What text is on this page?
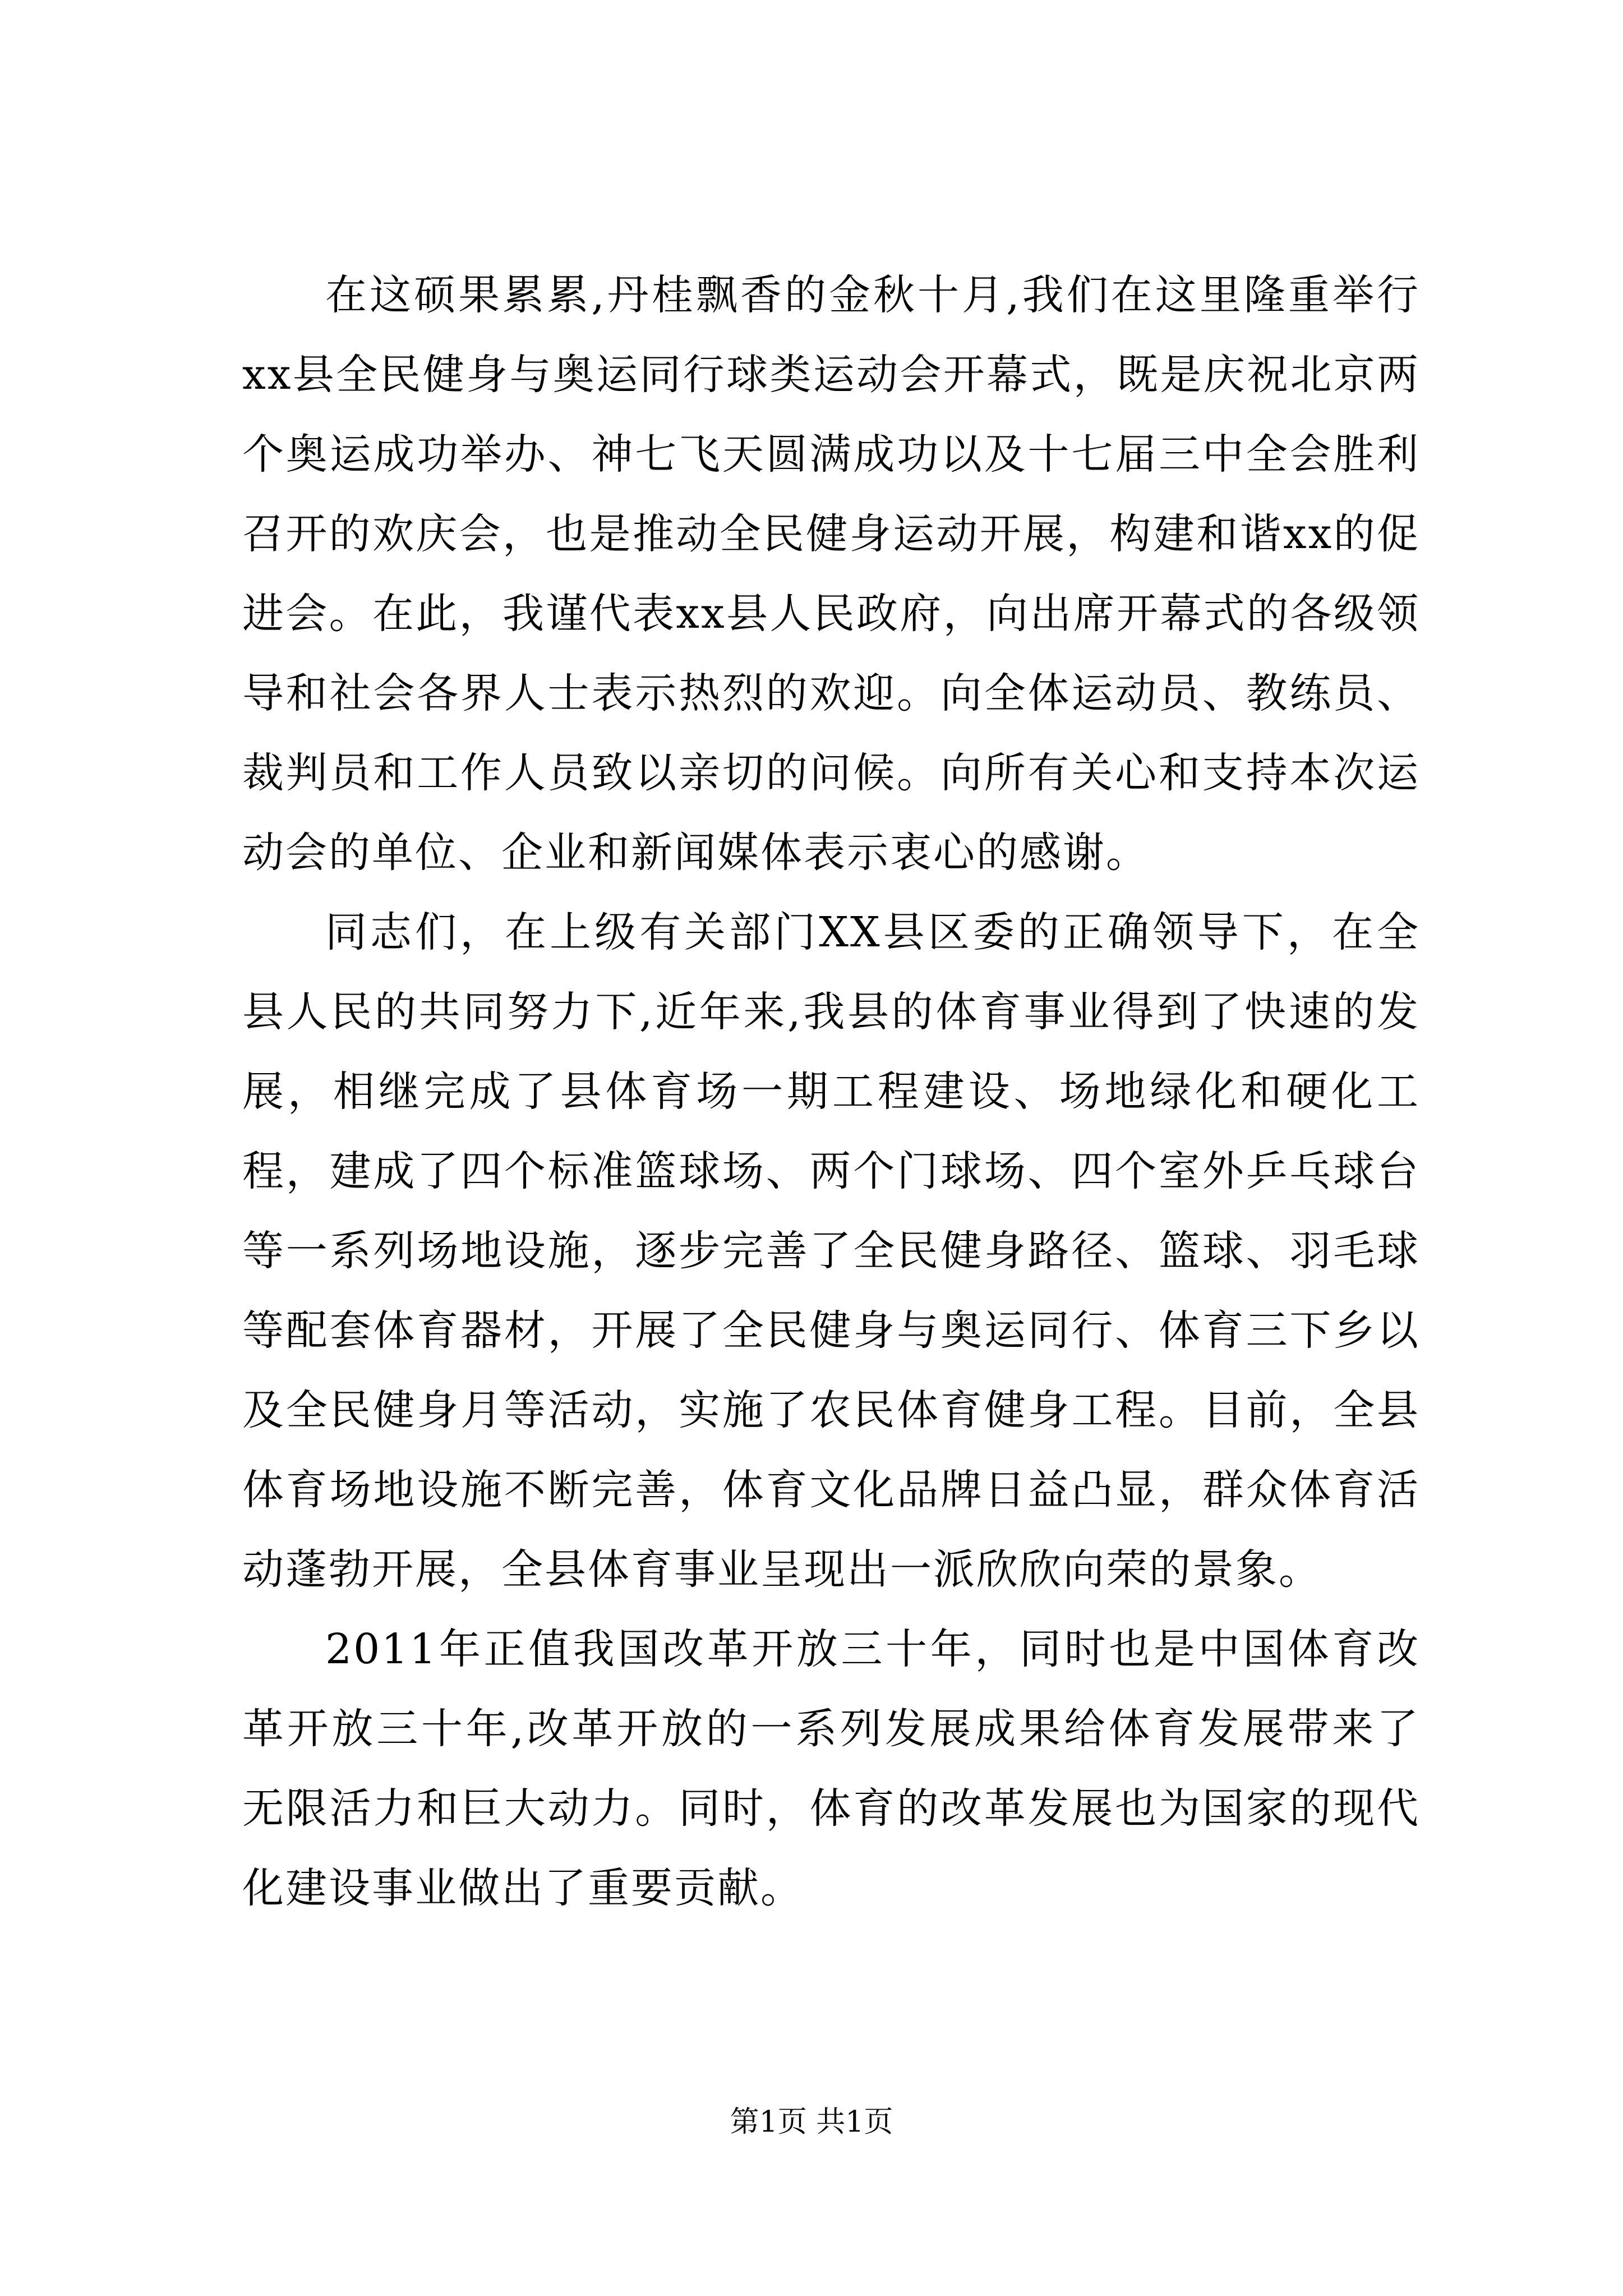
在这硕果累累,丹桂飘香的金秋十月,我们在这里隆重举行xx县全民健身与奥运同行球类运动会开幕式，既是庆祝北京两个奥运成功举办、神七飞天圆满成功以及十七届三中全会胜利召开的欢庆会，也是推动全民健身运动开展，构建和谐xx的促进会。在此，我谨代表xx县人民政府，向出席开幕式的各级领导和社会各界人士表示热烈的欢迎。向全体运动员、教练员、裁判员和工作人员致以亲切的问候。向所有关心和支持本次运动会的单位、企业和新闻媒体表示衷心的感谢。

同志们，在上级有关部门XX县区委的正确领导下，在全县人民的共同努力下,近年来,我县的体育事业得到了快速的发展，相继完成了县体育场一期工程建设、场地绿化和硬化工程，建成了四个标准篮球场、两个门球场、四个室外乒乓球台等一系列场地设施，逐步完善了全民健身路径、篮球、羽毛球等配套体育器材，开展了全民健身与奥运同行、体育三下乡以及全民健身月等活动，实施了农民体育健身工程。目前，全县体育场地设施不断完善，体育文化品牌日益凸显，群众体育活动蓬勃开展，全县体育事业呈现出一派欣欣向荣的景象。

2011年正值我国改革开放三十年，同时也是中国体育改革开放三十年,改革开放的一系列发展成果给体育发展带来了无限活力和巨大动力。同时，体育的改革发展也为国家的现代化建设事业做出了重要贡献。

第1页 共1页
